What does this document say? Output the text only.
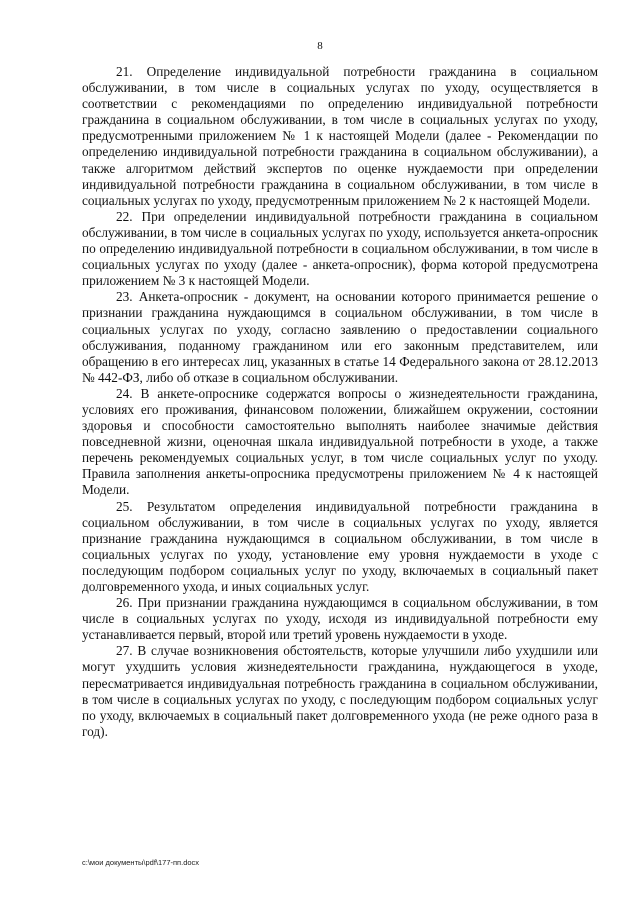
8

21. Определение индивидуальной потребности гражданина в социальном обслуживании, в том числе в социальных услугах по уходу, осуществляется в соответствии с рекомендациями по определению индивидуальной потребности гражданина в социальном обслуживании, в том числе в социальных услугах по уходу, предусмотренными приложением № 1 к настоящей Модели (далее - Рекомендации по определению индивидуальной потребности гражданина в социальном обслуживании), а также алгоритмом действий экспертов по оценке нуждаемости при определении индивидуальной потребности гражданина в социальном обслуживании, в том числе в социальных услугах по уходу, предусмотренным приложением № 2 к настоящей Модели.

22. При определении индивидуальной потребности гражданина в социальном обслуживании, в том числе в социальных услугах по уходу, используется анкета-опросник по определению индивидуальной потребности в социальном обслуживании, в том числе в социальных услугах по уходу (далее - анкета-опросник), форма которой предусмотрена приложением № 3 к настоящей Модели.

23. Анкета-опросник - документ, на основании которого принимается решение о признании гражданина нуждающимся в социальном обслуживании, в том числе в социальных услугах по уходу, согласно заявлению о предоставлении социального обслуживания, поданному гражданином или его законным представителем, или обращению в его интересах лиц, указанных в статье 14 Федерального закона от 28.12.2013 № 442-ФЗ, либо об отказе в социальном обслуживании.

24. В анкете-опроснике содержатся вопросы о жизнедеятельности гражданина, условиях его проживания, финансовом положении, ближайшем окружении, состоянии здоровья и способности самостоятельно выполнять наиболее значимые действия повседневной жизни, оценочная шкала индивидуальной потребности в уходе, а также перечень рекомендуемых социальных услуг, в том числе социальных услуг по уходу. Правила заполнения анкеты-опросника предусмотрены приложением № 4 к настоящей Модели.

25. Результатом определения индивидуальной потребности гражданина в социальном обслуживании, в том числе в социальных услугах по уходу, является признание гражданина нуждающимся в социальном обслуживании, в том числе в социальных услугах по уходу, установление ему уровня нуждаемости в уходе с последующим подбором социальных услуг по уходу, включаемых в социальный пакет долговременного ухода, и иных социальных услуг.

26. При признании гражданина нуждающимся в социальном обслуживании, в том числе в социальных услугах по уходу, исходя из индивидуальной потребности ему устанавливается первый, второй или третий уровень нуждаемости в уходе.

27. В случае возникновения обстоятельств, которые улучшили либо ухудшили или могут ухудшить условия жизнедеятельности гражданина, нуждающегося в уходе, пересматривается индивидуальная потребность гражданина в социальном обслуживании, в том числе в социальных услугах по уходу, с последующим подбором социальных услуг по уходу, включаемых в социальный пакет долговременного ухода (не реже одного раза в год).

c:\мои документы\pdf\177-пп.docx
